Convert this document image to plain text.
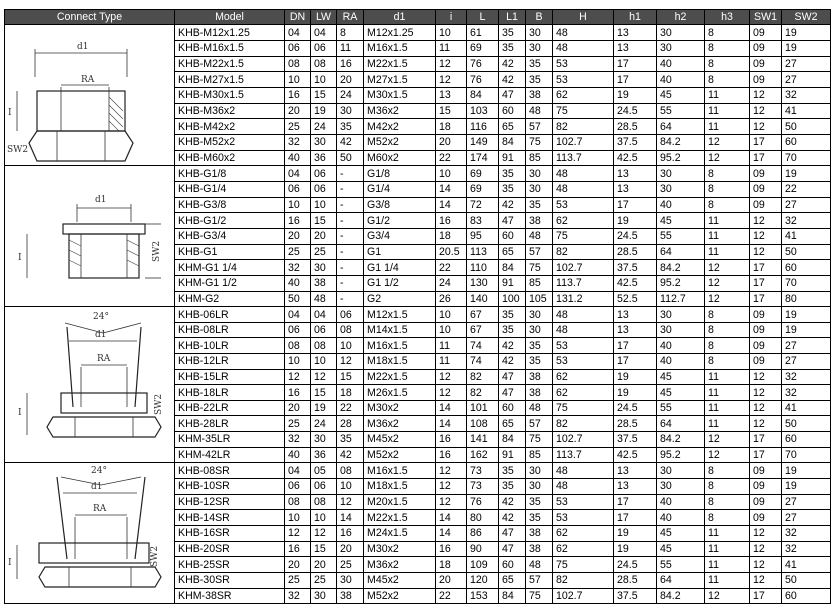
Connect Type	Model	DN	LW	RA	d1	i	L	L1	B	H	h1	h2	h3	SW1	SW2

d1
RA
I
SW2	KHB-M12x1.25	04	04	8	M12x1.25	10	61	35	30	48	13	30	8	09	19
	KHB-M16x1.5	06	06	11	M16x1.5	11	69	35	30	48	13	30	8	09	19
	KHB-M22x1.5	08	08	16	M22x1.5	12	76	42	35	53	17	40	8	09	27
	KHB-M27x1.5	10	10	20	M27x1.5	12	76	42	35	53	17	40	8	09	27
	KHB-M30x1.5	16	15	24	M30x1.5	13	84	47	38	62	19	45	11	12	32
	KHB-M36x2	20	19	30	M36x2	15	103	60	48	75	24.5	55	11	12	41
	KHB-M42x2	25	24	35	M42x2	18	116	65	57	82	28.5	64	11	12	50
	KHB-M52x2	32	30	42	M52x2	20	149	84	75	102.7	37.5	84.2	12	17	60
	KHB-M60x2	40	36	50	M60x2	22	174	91	85	113.7	42.5	95.2	12	17	70

d1
SW2
I	KHB-G1/8	04	06	-	G1/8	10	69	35	30	48	13	30	8	09	19
	KHB-G1/4	06	06	-	G1/4	14	69	35	30	48	13	30	8	09	22
	KHB-G3/8	10	10	-	G3/8	14	72	42	35	53	17	40	8	09	27
	KHB-G1/2	16	15	-	G1/2	16	83	47	38	62	19	45	11	12	32
	KHB-G3/4	20	20	-	G3/4	18	95	60	48	75	24.5	55	11	12	41
	KHB-G1	25	25	-	G1	20.5	113	65	57	82	28.5	64	11	12	50
	KHM-G1 1/4	32	30	-	G1 1/4	22	110	84	75	102.7	37.5	84.2	12	17	60
	KHM-G1 1/2	40	38	-	G1 1/2	24	130	91	85	113.7	42.5	95.2	12	17	70
	KHM-G2	50	48	-	G2	26	140	100	105	131.2	52.5	112.7	12	17	80

24°
d1
RA
I SW2	KHB-06LR	04	04	06	M12x1.5	10	67	35	30	48	13	30	8	09	19
	KHB-08LR	06	06	08	M14x1.5	10	67	35	30	48	13	30	8	09	19
	KHB-10LR	08	08	10	M16x1.5	11	74	42	35	53	17	40	8	09	27
	KHB-12LR	10	10	12	M18x1.5	11	74	42	35	53	17	40	8	09	27
	KHB-15LR	12	12	15	M22x1.5	12	82	47	38	62	19	45	11	12	32
	KHB-18LR	16	15	18	M26x1.5	12	82	47	38	62	19	45	11	12	32
	KHB-22LR	20	19	22	M30x2	14	101	60	48	75	24.5	55	11	12	41
	KHB-28LR	25	24	28	M36x2	14	108	65	57	82	28.5	64	11	12	50
	KHM-35LR	32	30	35	M45x2	16	141	84	75	102.7	37.5	84.2	12	17	60
	KHM-42LR	40	36	42	M52x2	16	162	91	85	113.7	42.5	95.2	12	17	70

24°
d1
RA
I SW2	KHB-08SR	04	05	08	M16x1.5	12	73	35	30	48	13	30	8	09	19
	KHB-10SR	06	06	10	M18x1.5	12	73	35	30	48	13	30	8	09	19
	KHB-12SR	08	08	12	M20x1.5	12	76	42	35	53	17	40	8	09	27
	KHB-14SR	10	10	14	M22x1.5	14	80	42	35	53	17	40	8	09	27
	KHB-16SR	12	12	16	M24x1.5	14	86	47	38	62	19	45	11	12	32
	KHB-20SR	16	15	20	M30x2	16	90	47	38	62	19	45	11	12	32
	KHB-25SR	20	20	25	M36x2	18	109	60	48	75	24.5	55	11	12	41
	KHB-30SR	25	25	30	M45x2	20	120	65	57	82	28.5	64	11	12	50
	KHM-38SR	32	30	38	M52x2	22	153	84	75	102.7	37.5	84.2	12	17	60
